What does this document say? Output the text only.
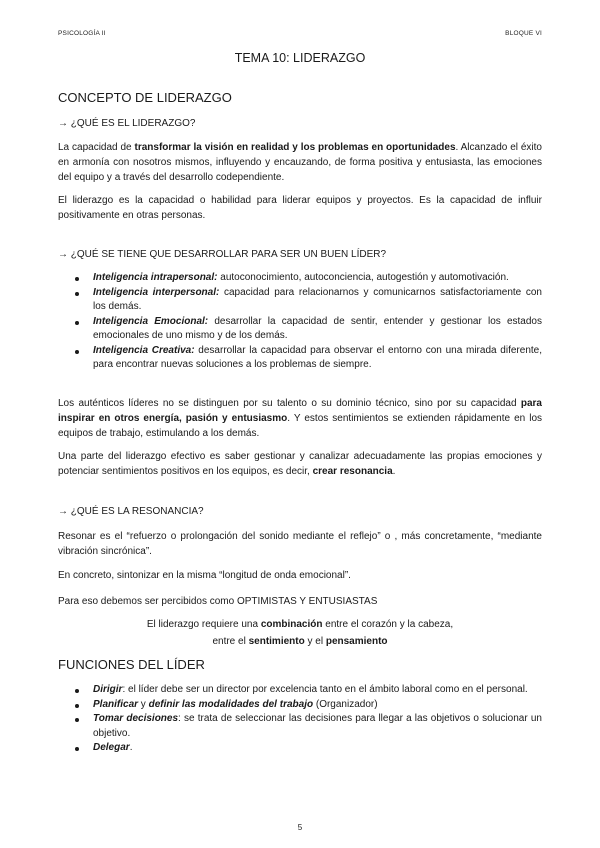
PSICOLOGÍA II	BLOQUE VI
TEMA 10: LIDERAZGO
CONCEPTO DE LIDERAZGO
→ ¿QUÉ ES EL LIDERAZGO?

La capacidad de transformar la visión en realidad y los problemas en oportunidades. Alcanzado el éxito en armonía con nosotros mismos, influyendo y encauzando, de forma positiva y entusiasta, las emociones del equipo y a través del desarrollo codependiente.

El liderazgo es la capacidad o habilidad para liderar equipos y proyectos. Es la capacidad de influir positivamente en otras personas.

→ ¿QUÉ SE TIENE QUE DESARROLLAR PARA SER UN BUEN LÍDER?
Inteligencia intrapersonal: autoconocimiento, autoconciencia, autogestión y automotivación.
Inteligencia interpersonal: capacidad para relacionarnos y comunicarnos satisfactoriamente con los demás.
Inteligencia Emocional: desarrollar la capacidad de sentir, entender y gestionar los estados emocionales de uno mismo y de los demás.
Inteligencia Creativa: desarrollar la capacidad para observar el entorno con una mirada diferente, para encontrar nuevas soluciones a los problemas de siempre.

Los auténticos líderes no se distinguen por su talento o su dominio técnico, sino por su capacidad para inspirar en otros energía, pasión y entusiasmo. Y estos sentimientos se extienden rápidamente en los equipos de trabajo, estimulando a los demás.

Una parte del liderazgo efectivo es saber gestionar y canalizar adecuadamente las propias emociones y potenciar sentimientos positivos en los equipos, es decir, crear resonancia.

→ ¿QUÉ ES LA RESONANCIA?

Resonar es el “refuerzo o prolongación del sonido mediante el reflejo” o , más concretamente, “mediante vibración sincrónica”.

En concreto, sintonizar en la misma “longitud de onda emocional”.

Para eso debemos ser percibidos como OPTIMISTAS Y ENTUSIASTAS

El liderazgo requiere una combinación entre el corazón y la cabeza,
entre el sentimiento y el pensamiento
FUNCIONES DEL LÍDER
Dirigir: el líder debe ser un director por excelencia tanto en el ámbito laboral como en el personal.
Planificar y definir las modalidades del trabajo (Organizador)
Tomar decisiones: se trata de seleccionar las decisiones para llegar a las objetivos o solucionar un objetivo.
Delegar.
5
